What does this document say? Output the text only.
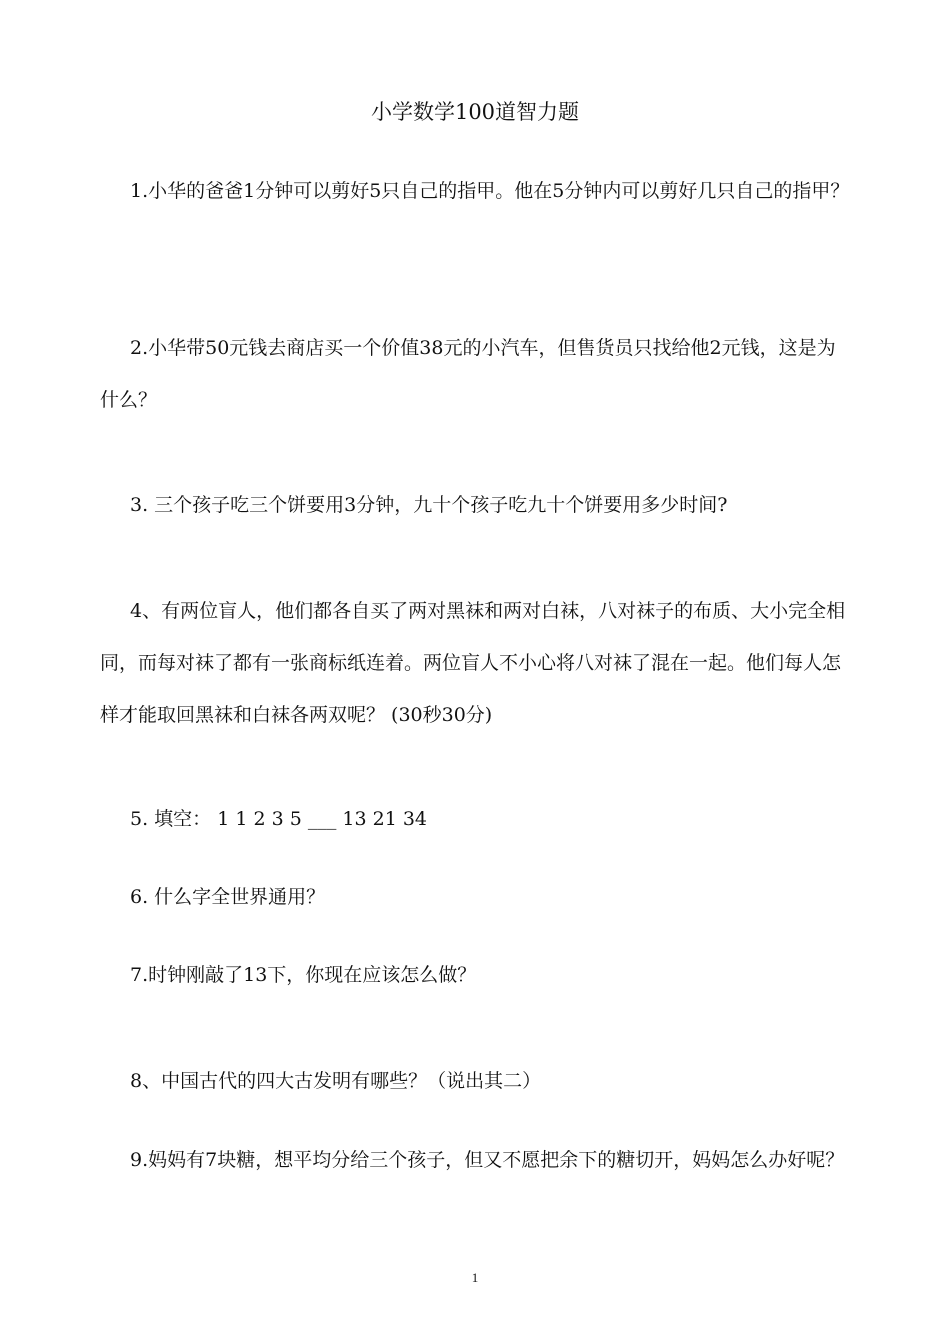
小学数学100道智力题
1.小华的爸爸1分钟可以剪好5只自己的指甲。他在5分钟内可以剪好几只自己的指甲？
2.小华带50元钱去商店买一个价值38元的小汽车，但售货员只找给他2元钱，这是为什么？
3. 三个孩子吃三个饼要用3分钟，九十个孩子吃九十个饼要用多少时间?
4、有两位盲人，他们都各自买了两对黑袜和两对白袜，八对袜子的布质、大小完全相同，而每对袜了都有一张商标纸连着。两位盲人不小心将八对袜了混在一起。他们每人怎样才能取回黑袜和白袜各两双呢？ (30秒30分)
5. 填空： 1 1 2 3 5 ___ 13 21 34
6. 什么字全世界通用？
7.时钟刚敲了13下，你现在应该怎么做？
8、中国古代的四大古发明有哪些？（说出其二）
9.妈妈有7块糖，想平均分给三个孩子，但又不愿把余下的糖切开，妈妈怎么办好呢？
1
